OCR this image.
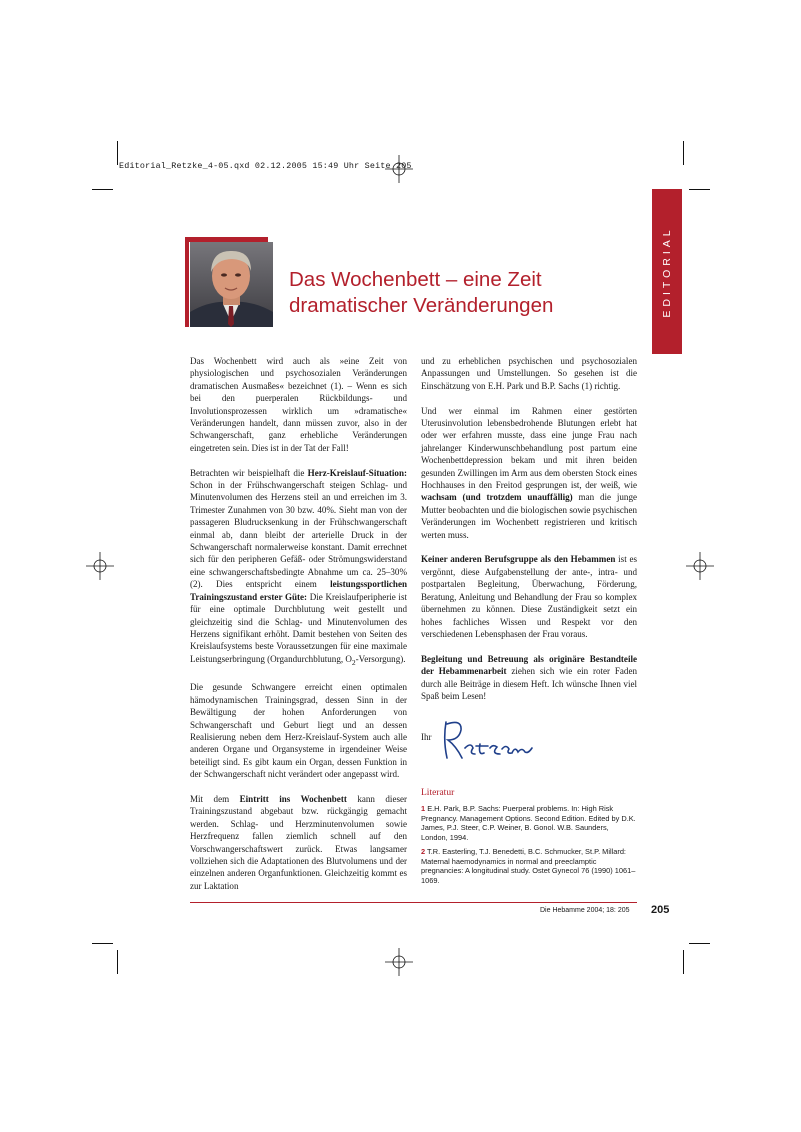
Editorial_Retzke_4-05.qxd 02.12.2005 15:49 Uhr Seite 205
EDITORIAL
Das Wochenbett – eine Zeit
dramatischer Veränderungen

Das Wochenbett wird auch als »eine Zeit von physiologischen und psychosozialen Veränderungen dramatischen Ausmaßes« bezeichnet (1). – Wenn es sich bei den puerperalen Rückbildungs- und Involutionsprozessen wirklich um »dramatische« Veränderungen handelt, dann müssen zuvor, also in der Schwangerschaft, ganz erhebliche Veränderungen eingetreten sein. Dies ist in der Tat der Fall!

Betrachten wir beispielhaft die Herz-Kreislauf-Situation: Schon in der Frühschwangerschaft steigen Schlag- und Minutenvolumen des Herzens steil an und erreichen im 3. Trimester Zunahmen von 30 bzw. 40%. Sieht man von der passageren Bludrucksenkung in der Frühschwangerschaft einmal ab, dann bleibt der arterielle Druck in der Schwangerschaft normalerweise konstant. Damit errechnet sich für den peripheren Gefäß- oder Strömungswiderstand eine schwangerschaftsbedingte Abnahme um ca. 25–30% (2). Dies entspricht einem leistungssportlichen Trainingszustand erster Güte: Die Kreislaufperipherie ist für eine optimale Durchblutung weit gestellt und gleichzeitig sind die Schlag- und Minutenvolumen des Herzens signifikant erhöht. Damit bestehen von Seiten des Kreislaufsystems beste Voraussetzungen für eine maximale Leistungserbringung (Organdurchblutung, $O_2-Versorgung$).

Die gesunde Schwangere erreicht einen optimalen hämodynamischen Trainingsgrad, dessen Sinn in der Bewältigung der hohen Anforderungen von Schwangerschaft und Geburt liegt und an dessen Realisierung neben dem Herz-Kreislauf-System auch alle anderen Organe und Organsysteme in irgendeiner Weise beteiligt sind. Es gibt kaum ein Organ, dessen Funktion in der Schwangerschaft nicht verändert oder angepasst wird.

Mit dem Eintritt ins Wochenbett kann dieser Trainingszustand abgebaut bzw. rückgängig gemacht werden. Schlag- und Herzminutenvolumen sowie Herzfrequenz fallen ziemlich schnell auf den Vorschwangerschaftswert zurück. Etwas langsamer vollziehen sich die Adaptationen des Blutvolumens und der einzelnen anderen Organfunktionen. Gleichzeitig kommt es zur Laktation

und zu erheblichen psychischen und psychosozialen Anpassungen und Umstellungen. So gesehen ist die Einschätzung von E.H. Park und B.P. Sachs (1) richtig.

Und wer einmal im Rahmen einer gestörten Uterusinvolution lebensbedrohende Blutungen erlebt hat oder wer erfahren musste, dass eine junge Frau nach jahrelanger Kinderwunschbehandlung post partum eine Wochenbettdepression bekam und mit ihren beiden gesunden Zwillingen im Arm aus dem obersten Stock eines Hochhauses in den Freitod gesprungen ist, der weiß, wie wachsam (und trotzdem unauffällig) man die junge Mutter beobachten und die biologischen sowie psychischen Veränderungen im Wochenbett registrieren und kritisch werten muss.

Keiner anderen Berufsgruppe als den Hebammen ist es vergönnt, diese Aufgabenstellung der ante-, intra- und postpartalen Begleitung, Überwachung, Förderung, Beratung, Anleitung und Behandlung der Frau so komplex übernehmen zu können. Diese Zuständigkeit setzt ein hohes fachliches Wissen und Respekt vor den verschiedenen Lebensphasen der Frau voraus.

Begleitung und Betreuung als originäre Bestandteile der Hebammenarbeit ziehen sich wie ein roter Faden durch alle Beiträge in diesem Heft. Ich wünsche Ihnen viel Spaß beim Lesen!

Ihr

Literatur

1 E.H. Park, B.P. Sachs: Puerperal problems. In: High Risk Pregnancy. Management Options. Second Edition. Edited by D.K. James, P.J. Steer, C.P. Weiner, B. Gonol. W.B. Saunders, London, 1994.
2 T.R. Easterling, T.J. Benedetti, B.C. Schmucker, St.P. Millard: Maternal haemodynamics in normal and preeclamptic pregnancies: A longitudinal study. Ostet Gynecol 76 (1990) 1061–1069.
Die Hebamme 2004; 18: 205 205
